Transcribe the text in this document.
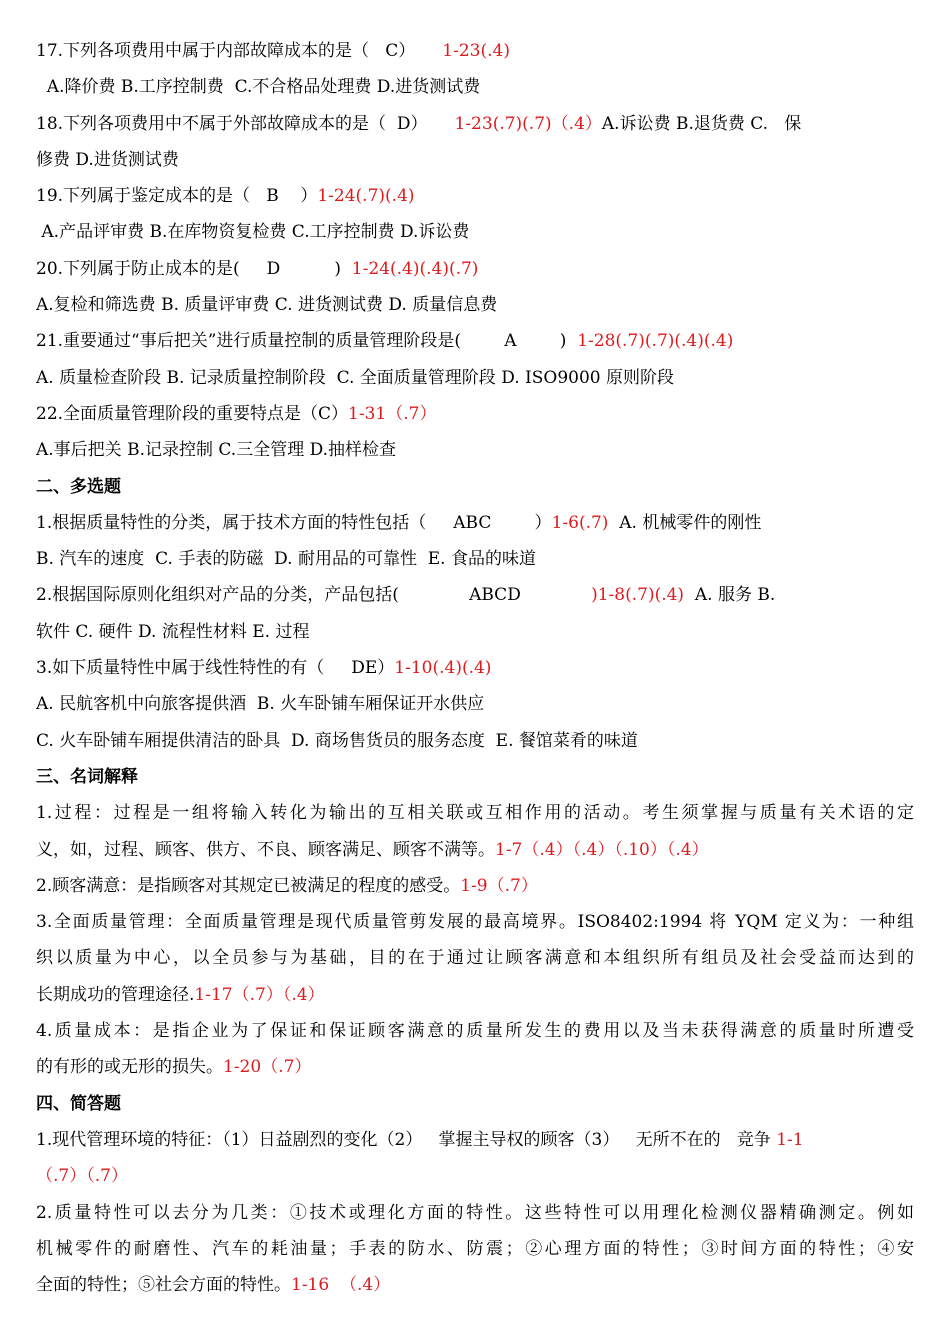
17.下列各项费用中属于内部故障成本的是（   C）     1-23(.4)
A.降价费 B.工序控制费  C.不合格品处理费 D.进货测试费
18.下列各项费用中不属于外部故障成本的是（  D）     1-23(.7)(.7)（.4）A.诉讼费 B.退货费 C.   保
修费 D.进货测试费
19.下列属于鉴定成本的是（   B    ）1-24(.7)(.4)
A.产品评审费 B.在库物资复检费 C.工序控制费 D.诉讼费
20.下列属于防止成本的是(     D          )  1-24(.4)(.4)(.7)
A.复检和筛选费 B. 质量评审费 C. 进货测试费 D. 质量信息费
21.重要通过“事后把关”进行质量控制的质量管理阶段是(        A        )  1-28(.7)(.7)(.4)(.4)
A. 质量检查阶段 B. 记录质量控制阶段  C. 全面质量管理阶段 D. ISO9000 原则阶段
22.全面质量管理阶段的重要特点是（C）1-31（.7）
A.事后把关 B.记录控制 C.三全管理 D.抽样检查
二、多选题
1.根据质量特性的分类，属于技术方面的特性包括（     ABC        ）1-6(.7)  A. 机械零件的刚性
B. 汽车的速度  C. 手表的防磁  D. 耐用品的可靠性  E. 食品的味道
2.根据国际原则化组织对产品的分类，产品包括(             ABCD             )1-8(.7)(.4)  A. 服务 B.
软件 C. 硬件 D. 流程性材料 E. 过程
3.如下质量特性中属于线性特性的有（     DE）1-10(.4)(.4)
A. 民航客机中向旅客提供酒  B. 火车卧铺车厢保证开水供应
C. 火车卧铺车厢提供清洁的卧具  D. 商场售货员的服务态度  E. 餐馆菜肴的味道
三、名词解释
1.过程：过程是一组将输入转化为输出的互相关联或互相作用的活动。考生须掌握与质量有关术语的定
义，如，过程、顾客、供方、不良、顾客满足、顾客不满等。1-7（.4）（.4）（.10）（.4）
2.顾客满意：是指顾客对其规定已被满足的程度的感受。1-9（.7）
3.全面质量管理：全面质量管理是现代质量管剪发展的最高境界。ISO8402:1994 将 YQM 定义为：一种组
织以质量为中心，以全员参与为基础，目的在于通过让顾客满意和本组织所有组员及社会受益而达到的
长期成功的管理途径.1-17（.7）（.4）
4.质量成本：是指企业为了保证和保证顾客满意的质量所发生的费用以及当未获得满意的质量时所遭受
的有形的或无形的损失。1-20（.7）
四、简答题
1.现代管理环境的特征：（1）日益剧烈的变化（2）   掌握主导权的顾客（3）   无所不在的   竞争 1-1
（.7）（.7）
2.质量特性可以去分为几类：①技术或理化方面的特性。这些特性可以用理化检测仪器精确测定。例如
机械零件的耐磨性、汽车的耗油量；手表的防水、防震；②心理方面的特性；③时间方面的特性；④安
全面的特性；⑤社会方面的特性。1-16  （.4）
